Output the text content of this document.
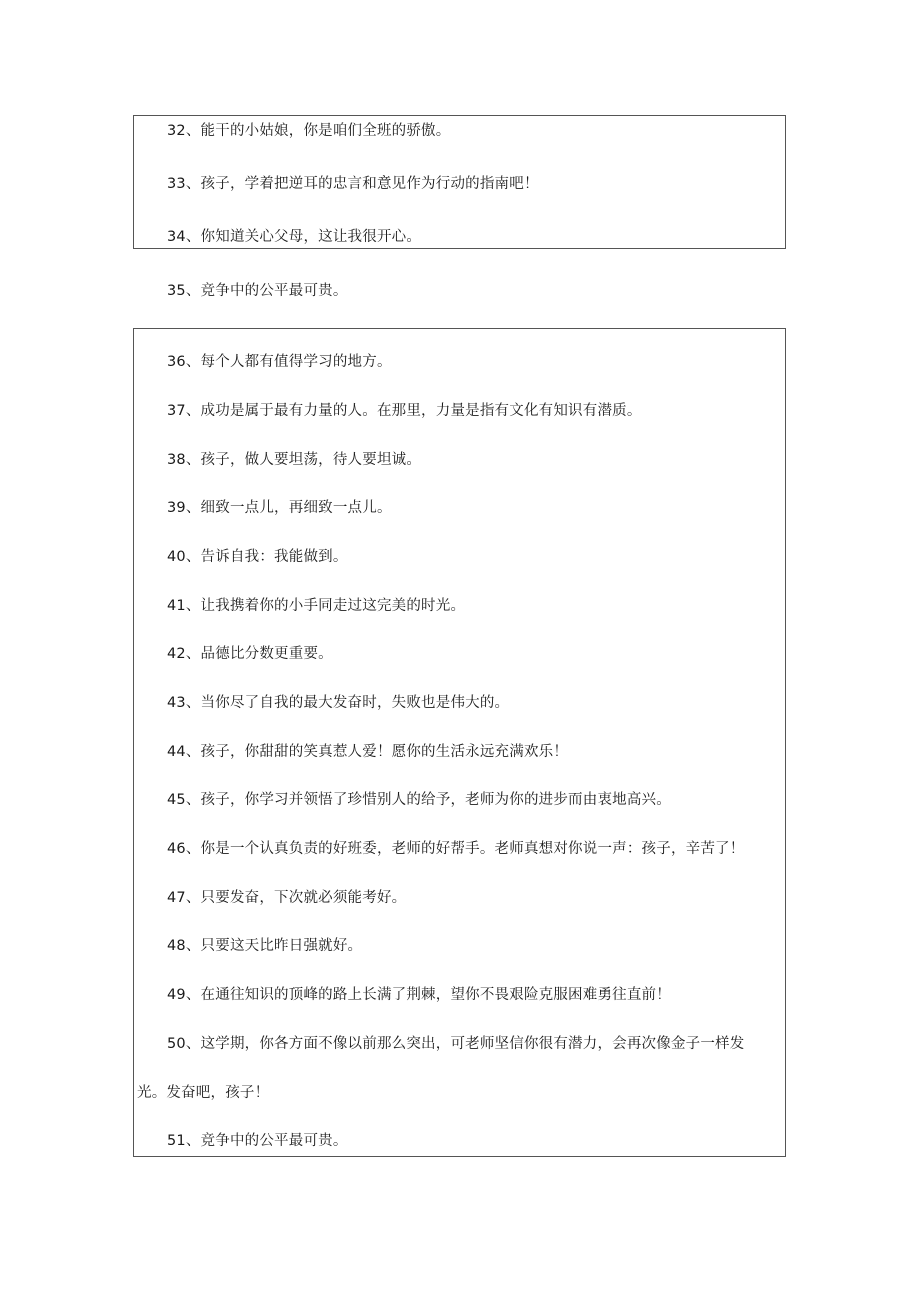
32、能干的小姑娘，你是咱们全班的骄傲。
33、孩子，学着把逆耳的忠言和意见作为行动的指南吧！
34、你知道关心父母，这让我很开心。
35、竞争中的公平最可贵。
36、每个人都有值得学习的地方。
37、成功是属于最有力量的人。在那里，力量是指有文化有知识有潜质。
38、孩子，做人要坦荡，待人要坦诚。
39、细致一点儿，再细致一点儿。
40、告诉自我：我能做到。
41、让我携着你的小手同走过这完美的时光。
42、品德比分数更重要。
43、当你尽了自我的最大发奋时，失败也是伟大的。
44、孩子，你甜甜的笑真惹人爱！愿你的生活永远充满欢乐！
45、孩子，你学习并领悟了珍惜别人的给予，老师为你的进步而由衷地高兴。
46、你是一个认真负责的好班委，老师的好帮手。老师真想对你说一声：孩子，辛苦了！
47、只要发奋，下次就必须能考好。
48、只要这天比昨日强就好。
49、在通往知识的顶峰的路上长满了荆棘，望你不畏艰险克服困难勇往直前！
50、这学期，你各方面不像以前那么突出，可老师坚信你很有潜力，会再次像金子一样发
光。发奋吧，孩子！
51、竞争中的公平最可贵。
